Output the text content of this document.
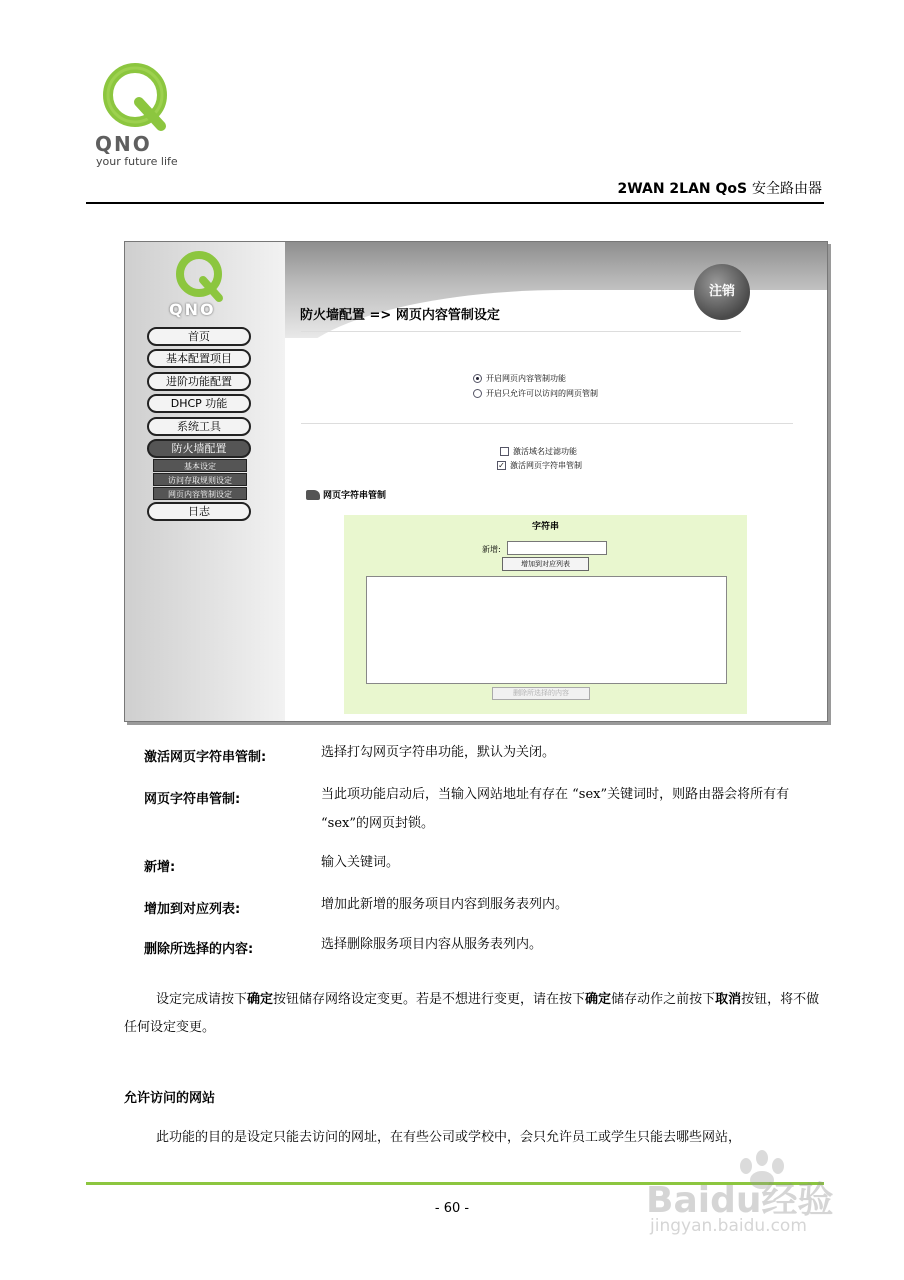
QNO
your future life
2WAN 2LAN QoS 安全路由器
QNO
注销
防火墙配置 => 网页内容管制设定
首页
基本配置项目
进阶功能配置
DHCP 功能
系统工具
防火墙配置
基本设定
访问存取规则设定
网页内容管制设定
日志
开启网页内容管制功能
开启只允许可以访问的网页管制
激活域名过滤功能
✓ 激活网页字符串管制
网页字符串管制
字符串
新增:
增加到对应列表
删除所选择的内容
激活网页字符串管制:	选择打勾网页字符串功能，默认为关闭。
网页字符串管制:	当此项功能启动后，当输入网站地址有存在 “sex”关键词时，则路由器会将所有有 “sex”的网页封锁。
新增:	输入关键词。
增加到对应列表:	增加此新增的服务项目内容到服务表列内。
删除所选择的内容:	选择删除服务项目内容从服务表列内。
设定完成请按下确定按钮储存网络设定变更。若是不想进行变更，请在按下确定储存动作之前按下取消按钮，将不做任何设定变更。
允许访问的网站
此功能的目的是设定只能去访问的网址，在有些公司或学校中，会只允许员工或学生只能去哪些网站，
- 60 -	Baidu经验
jingyan.baidu.com
